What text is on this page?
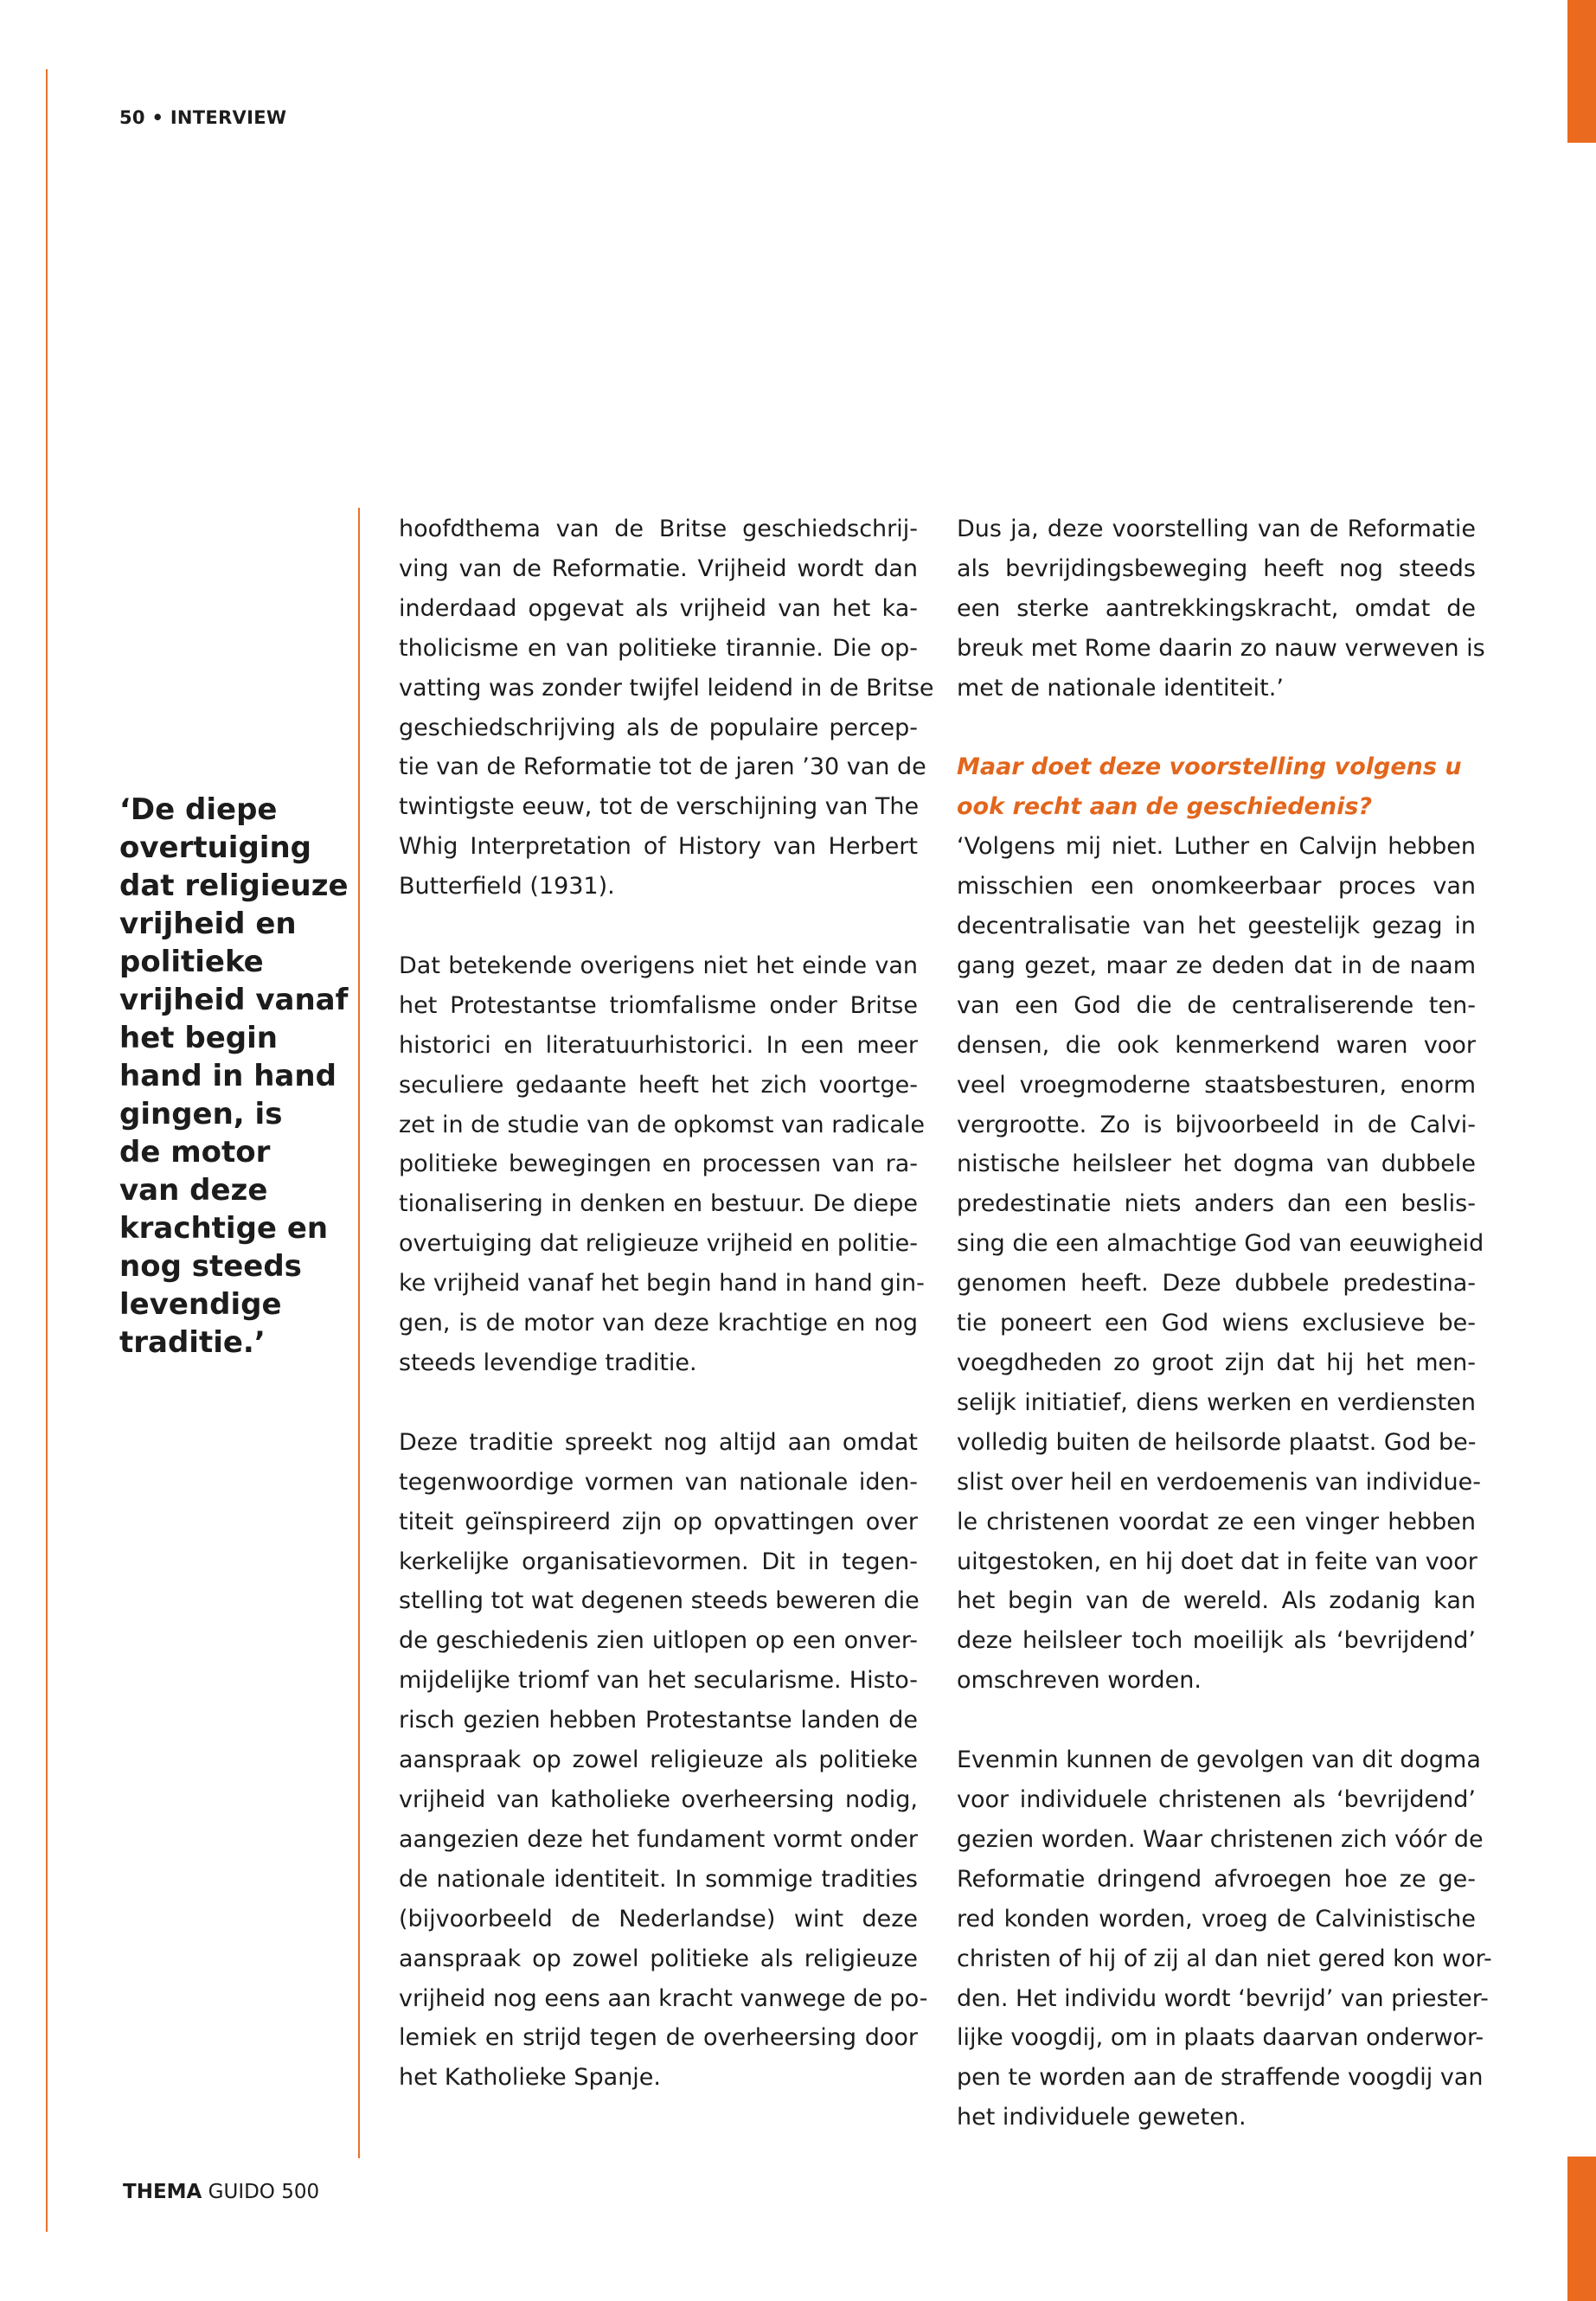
50 • INTERVIEW
‘De diepe
overtuiging
dat religieuze
vrijheid en
politieke
vrijheid vanaf
het begin
hand in hand
gingen, is
de motor
van deze
krachtige en
nog steeds
levendige
traditie.’
hoofdthema van de Britse geschiedschrij-
ving van de Reformatie. Vrijheid wordt dan
inderdaad opgevat als vrijheid van het ka-
tholicisme en van politieke tirannie. Die op-
vatting was zonder twijfel leidend in de Britse
geschiedschrijving als de populaire percep-
tie van de Reformatie tot de jaren ’30 van de
twintigste eeuw, tot de verschijning van The
Whig Interpretation of History van Herbert
Butterfield (1931).
Dat betekende overigens niet het einde van
het Protestantse triomfalisme onder Britse
historici en literatuurhistorici. In een meer
seculiere gedaante heeft het zich voortge-
zet in de studie van de opkomst van radicale
politieke bewegingen en processen van ra-
tionalisering in denken en bestuur. De diepe
overtuiging dat religieuze vrijheid en politie-
ke vrijheid vanaf het begin hand in hand gin-
gen, is de motor van deze krachtige en nog
steeds levendige traditie.
Deze traditie spreekt nog altijd aan omdat
tegenwoordige vormen van nationale iden-
titeit geïnspireerd zijn op opvattingen over
kerkelijke organisatievormen. Dit in tegen-
stelling tot wat degenen steeds beweren die
de geschiedenis zien uitlopen op een onver-
mijdelijke triomf van het secularisme. Histo-
risch gezien hebben Protestantse landen de
aanspraak op zowel religieuze als politieke
vrijheid van katholieke overheersing nodig,
aangezien deze het fundament vormt onder
de nationale identiteit. In sommige tradities
(bijvoorbeeld de Nederlandse) wint deze
aanspraak op zowel politieke als religieuze
vrijheid nog eens aan kracht vanwege de po-
lemiek en strijd tegen de overheersing door
het Katholieke Spanje.
Dus ja, deze voorstelling van de Reformatie
als bevrijdingsbeweging heeft nog steeds
een sterke aantrekkingskracht, omdat de
breuk met Rome daarin zo nauw verweven is
met de nationale identiteit.’
Maar doet deze voorstelling volgens u
ook recht aan de geschiedenis?
‘Volgens mij niet. Luther en Calvijn hebben
misschien een onomkeerbaar proces van
decentralisatie van het geestelijk gezag in
gang gezet, maar ze deden dat in de naam
van een God die de centraliserende ten-
densen, die ook kenmerkend waren voor
veel vroegmoderne staatsbesturen, enorm
vergrootte. Zo is bijvoorbeeld in de Calvi-
nistische heilsleer het dogma van dubbele
predestinatie niets anders dan een beslis-
sing die een almachtige God van eeuwigheid
genomen heeft. Deze dubbele predestina-
tie poneert een God wiens exclusieve be-
voegdheden zo groot zijn dat hij het men-
selijk initiatief, diens werken en verdiensten
volledig buiten de heilsorde plaatst. God be-
slist over heil en verdoemenis van individue-
le christenen voordat ze een vinger hebben
uitgestoken, en hij doet dat in feite van voor
het begin van de wereld. Als zodanig kan
deze heilsleer toch moeilijk als ‘bevrijdend’
omschreven worden.
Evenmin kunnen de gevolgen van dit dogma
voor individuele christenen als ‘bevrijdend’
gezien worden. Waar christenen zich vóór de
Reformatie dringend afvroegen hoe ze ge-
red konden worden, vroeg de Calvinistische
christen of hij of zij al dan niet gered kon wor-
den. Het individu wordt ‘bevrijd’ van priester-
lijke voogdij, om in plaats daarvan onderwor-
pen te worden aan de straffende voogdij van
het individuele geweten.
THEMA GUIDO 500
